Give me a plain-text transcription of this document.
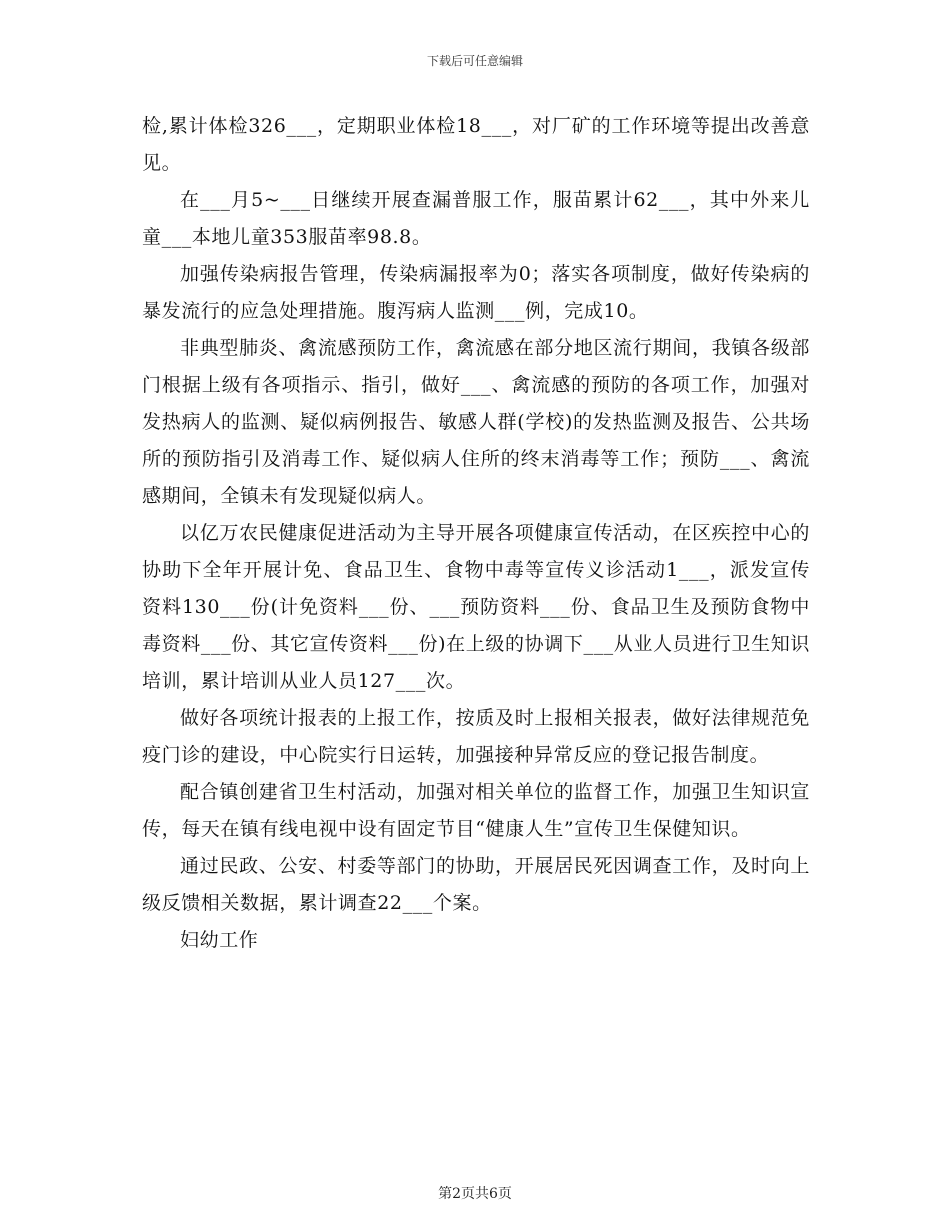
下载后可任意编辑

检,累计体检326___，定期职业体检18___，对厂矿的工作环境等提出改善意见。

在___月5~___日继续开展查漏普服工作，服苗累计62___，其中外来儿童___本地儿童353服苗率98.8。

加强传染病报告管理，传染病漏报率为0；落实各项制度，做好传染病的暴发流行的应急处理措施。腹泻病人监测___例，完成10。

非典型肺炎、禽流感预防工作，禽流感在部分地区流行期间，我镇各级部门根据上级有各项指示、指引，做好___、禽流感的预防的各项工作，加强对发热病人的监测、疑似病例报告、敏感人群(学校)的发热监测及报告、公共场所的预防指引及消毒工作、疑似病人住所的终末消毒等工作；预防___、禽流感期间，全镇未有发现疑似病人。

以亿万农民健康促进活动为主导开展各项健康宣传活动，在区疾控中心的协助下全年开展计免、食品卫生、食物中毒等宣传义诊活动1___，派发宣传资料130___份(计免资料___份、___预防资料___份、食品卫生及预防食物中毒资料___份、其它宣传资料___份)在上级的协调下___从业人员进行卫生知识培训，累计培训从业人员127___次。

做好各项统计报表的上报工作，按质及时上报相关报表，做好法律规范免疫门诊的建设，中心院实行日运转，加强接种异常反应的登记报告制度。

配合镇创建省卫生村活动，加强对相关单位的监督工作，加强卫生知识宣传，每天在镇有线电视中设有固定节目“健康人生”宣传卫生保健知识。

通过民政、公安、村委等部门的协助，开展居民死因调查工作，及时向上级反馈相关数据，累计调查22___个案。

妇幼工作

第2页共6页
